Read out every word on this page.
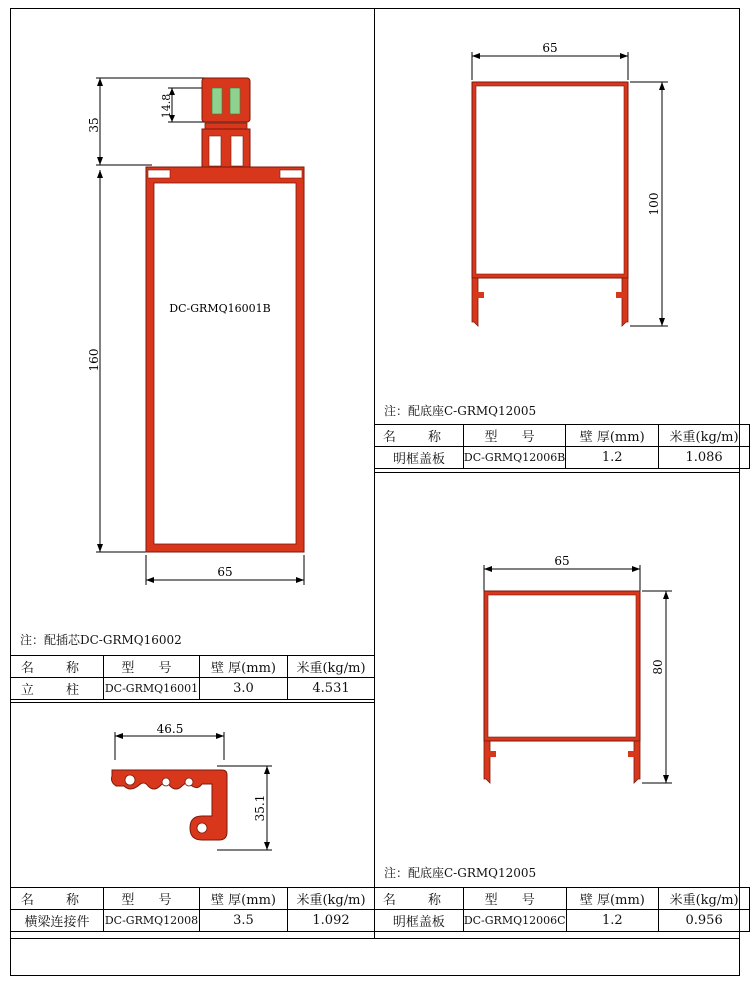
35
14.8
160
65
DC-GRMQ16001B
注：配插芯DC-GRMQ16002
名 称	型 号	壁 厚(mm)	米重(kg/m)
立 柱	DC-GRMQ16001	3.0	4.531
46.5
35.1
名 称	型 号	壁 厚(mm)	米重(kg/m)
横梁连接件	DC-GRMQ12008	3.5	1.092
65
100
注：配底座C-GRMQ12005
名 称	型 号	壁 厚(mm)	米重(kg/m)
明框盖板	DC-GRMQ12006B	1.2	1.086
65
80
注：配底座C-GRMQ12005
名 称	型 号	壁 厚(mm)	米重(kg/m)
明框盖板	DC-GRMQ12006C	1.2	0.956
